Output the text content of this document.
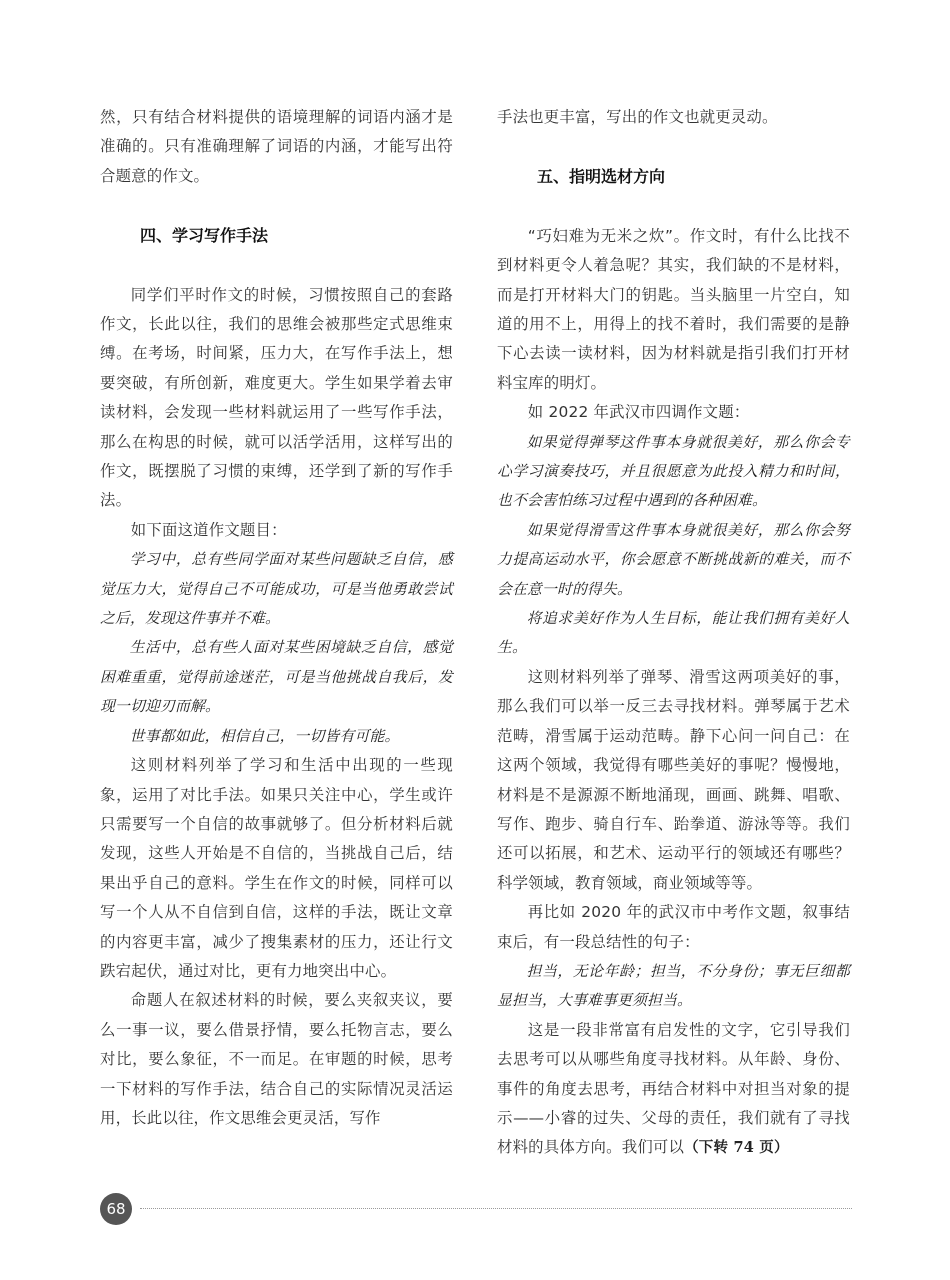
然，只有结合材料提供的语境理解的词语内涵才是准确的。只有准确理解了词语的内涵，才能写出符合题意的作文。

四、学习写作手法

同学们平时作文的时候，习惯按照自己的套路作文，长此以往，我们的思维会被那些定式思维束缚。在考场，时间紧，压力大，在写作手法上，想要突破，有所创新，难度更大。学生如果学着去审读材料，会发现一些材料就运用了一些写作手法，那么在构思的时候，就可以活学活用，这样写出的作文，既摆脱了习惯的束缚，还学到了新的写作手法。

如下面这道作文题目：

学习中，总有些同学面对某些问题缺乏自信，感觉压力大，觉得自己不可能成功，可是当他勇敢尝试之后，发现这件事并不难。

生活中，总有些人面对某些困境缺乏自信，感觉困难重重，觉得前途迷茫，可是当他挑战自我后，发现一切迎刃而解。

世事都如此，相信自己，一切皆有可能。

这则材料列举了学习和生活中出现的一些现象，运用了对比手法。如果只关注中心，学生或许只需要写一个自信的故事就够了。但分析材料后就发现，这些人开始是不自信的，当挑战自己后，结果出乎自己的意料。学生在作文的时候，同样可以写一个人从不自信到自信，这样的手法，既让文章的内容更丰富，减少了搜集素材的压力，还让行文跌宕起伏，通过对比，更有力地突出中心。

命题人在叙述材料的时候，要么夹叙夹议，要么一事一议，要么借景抒情，要么托物言志，要么对比，要么象征，不一而足。在审题的时候，思考一下材料的写作手法，结合自己的实际情况灵活运用，长此以往，作文思维会更灵活，写作

手法也更丰富，写出的作文也就更灵动。

五、指明选材方向

“巧妇难为无米之炊”。作文时，有什么比找不到材料更令人着急呢？其实，我们缺的不是材料，而是打开材料大门的钥匙。当头脑里一片空白，知道的用不上，用得上的找不着时，我们需要的是静下心去读一读材料，因为材料就是指引我们打开材料宝库的明灯。

如 2022 年武汉市四调作文题：

如果觉得弹琴这件事本身就很美好，那么你会专心学习演奏技巧，并且很愿意为此投入精力和时间，也不会害怕练习过程中遇到的各种困难。

如果觉得滑雪这件事本身就很美好，那么你会努力提高运动水平，你会愿意不断挑战新的难关，而不会在意一时的得失。

将追求美好作为人生目标，能让我们拥有美好人生。

这则材料列举了弹琴、滑雪这两项美好的事，那么我们可以举一反三去寻找材料。弹琴属于艺术范畴，滑雪属于运动范畴。静下心问一问自己：在这两个领域，我觉得有哪些美好的事呢？慢慢地，材料是不是源源不断地涌现，画画、跳舞、唱歌、写作、跑步、骑自行车、跆拳道、游泳等等。我们还可以拓展，和艺术、运动平行的领域还有哪些？科学领域，教育领域，商业领域等等。

再比如 2020 年的武汉市中考作文题，叙事结束后，有一段总结性的句子：

担当，无论年龄；担当，不分身份；事无巨细都显担当，大事难事更须担当。

这是一段非常富有启发性的文字，它引导我们去思考可以从哪些角度寻找材料。从年龄、身份、事件的角度去思考，再结合材料中对担当对象的提示——小睿的过失、父母的责任，我们就有了寻找材料的具体方向。我们可以（下转 74 页）

68
